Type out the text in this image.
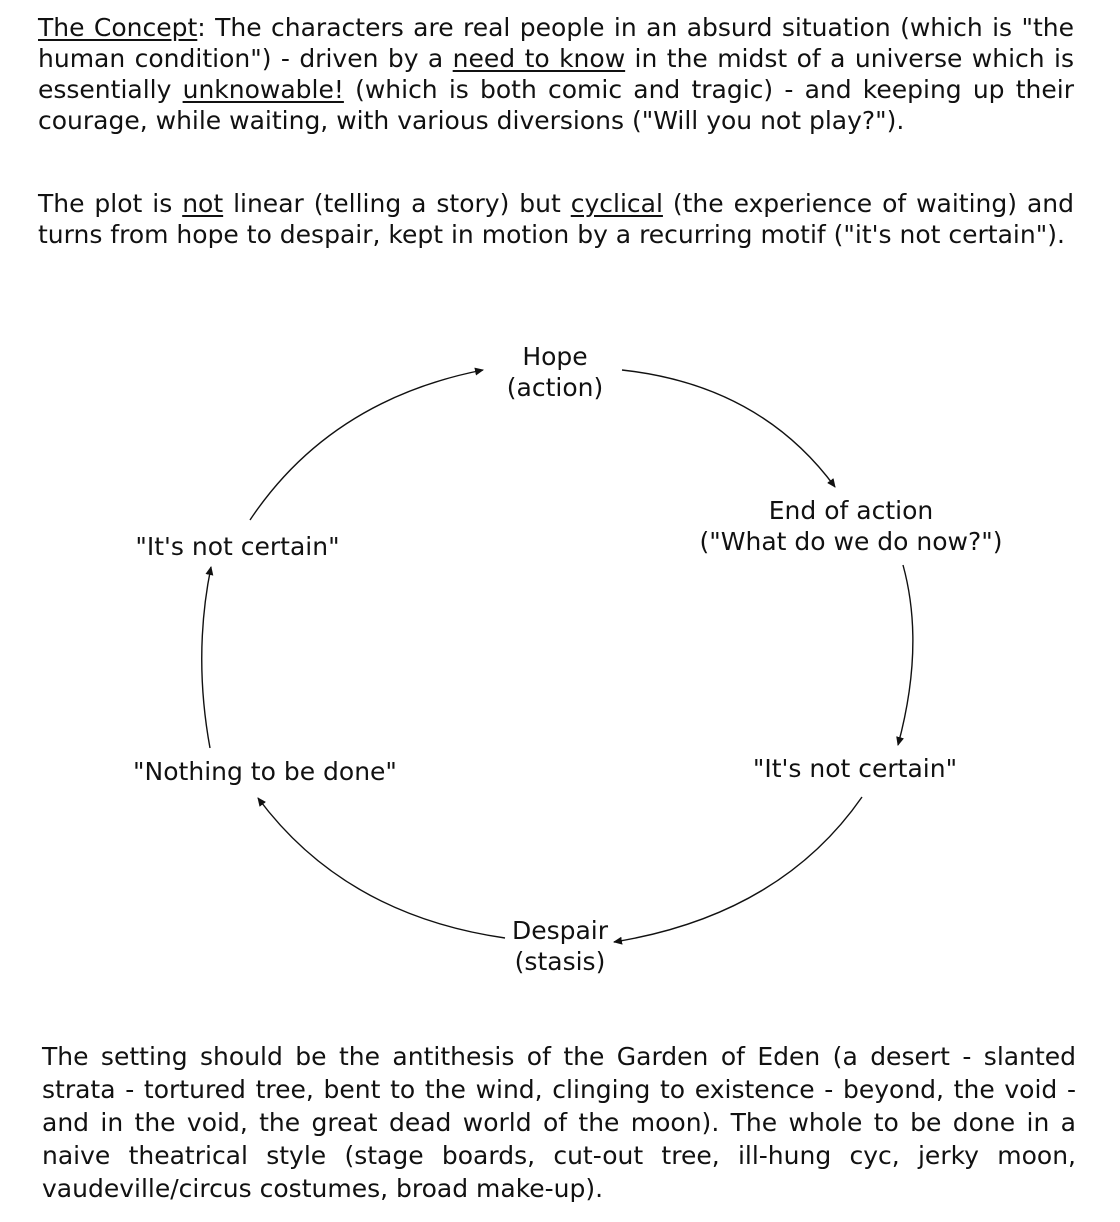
The Concept: The characters are real people in an absurd situation (which is "the human condition") - driven by a need to know in the midst of a universe which is essentially unknowable! (which is both comic and tragic) - and keeping up their courage, while waiting, with various diversions ("Will you not play?").

The plot is not linear (telling a story) but cyclical (the experience of waiting) and turns from hope to despair, kept in motion by a recurring motif ("it's not certain").

Hope
(action)
End of action
("What do we do now?")
"It's not certain"
Despair
(stasis)
"Nothing to be done"
"It's not certain"

The setting should be the antithesis of the Garden of Eden (a desert - slanted strata - tortured tree, bent to the wind, clinging to existence - beyond, the void - and in the void, the great dead world of the moon). The whole to be done in a naive theatrical style (stage boards, cut-out tree, ill-hung cyc, jerky moon, vaudeville/circus costumes, broad make-up).
